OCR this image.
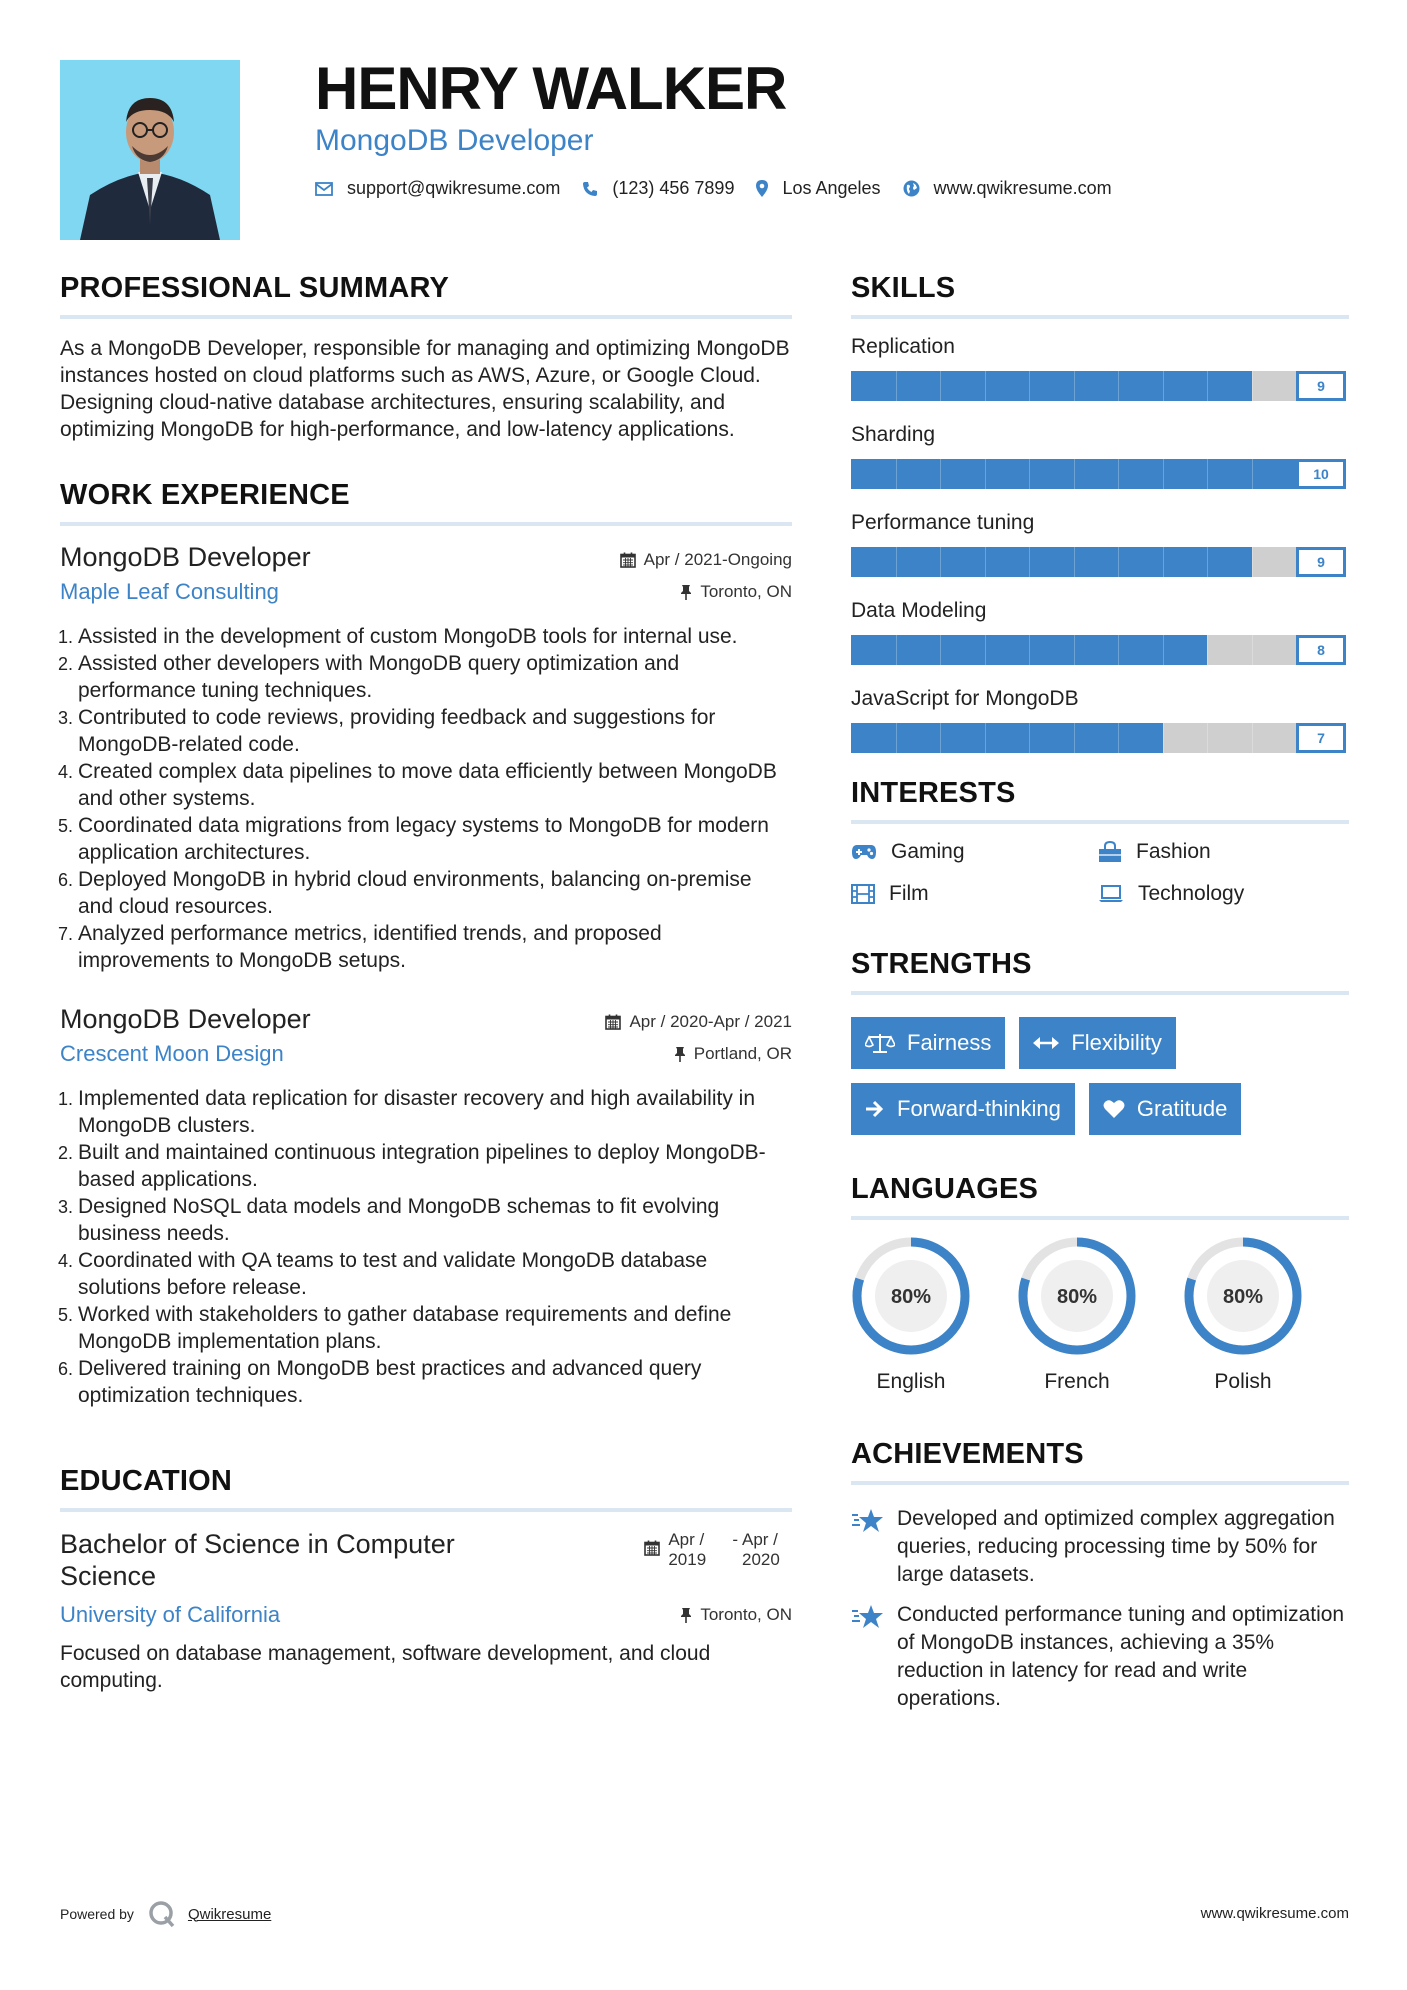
HENRY WALKER
MongoDB Developer
support@qwikresume.com	(123) 456 7899	Los Angeles	www.qwikresume.com
PROFESSIONAL SUMMARY
As a MongoDB Developer, responsible for managing and optimizing MongoDB instances hosted on cloud platforms such as AWS, Azure, or Google Cloud. Designing cloud-native database architectures, ensuring scalability, and optimizing MongoDB for high-performance, and low-latency applications.
WORK EXPERIENCE
MongoDB Developer	Apr / 2021-Ongoing
Maple Leaf Consulting	Toronto, ON
1. Assisted in the development of custom MongoDB tools for internal use.
2. Assisted other developers with MongoDB query optimization and performance tuning techniques.
3. Contributed to code reviews, providing feedback and suggestions for MongoDB-related code.
4. Created complex data pipelines to move data efficiently between MongoDB and other systems.
5. Coordinated data migrations from legacy systems to MongoDB for modern application architectures.
6. Deployed MongoDB in hybrid cloud environments, balancing on-premise and cloud resources.
7. Analyzed performance metrics, identified trends, and proposed improvements to MongoDB setups.
MongoDB Developer	Apr / 2020-Apr / 2021
Crescent Moon Design	Portland, OR
1. Implemented data replication for disaster recovery and high availability in MongoDB clusters.
2. Built and maintained continuous integration pipelines to deploy MongoDB-based applications.
3. Designed NoSQL data models and MongoDB schemas to fit evolving business needs.
4. Coordinated with QA teams to test and validate MongoDB database solutions before release.
5. Worked with stakeholders to gather database requirements and define MongoDB implementation plans.
6. Delivered training on MongoDB best practices and advanced query optimization techniques.
EDUCATION
Bachelor of Science in Computer Science
Apr / 2019
- Apr / 2020
University of California	Toronto, ON
Focused on database management, software development, and cloud computing.
SKILLS
Replication
9
Sharding
10
Performance tuning
9
Data Modeling
8
JavaScript for MongoDB
7
INTERESTS
Gaming	Fashion
Film	Technology
STRENGTHS
Fairness	Flexibility
Forward-thinking	Gratitude
LANGUAGES
80%
English
80%
French
80%
Polish
ACHIEVEMENTS
Developed and optimized complex aggregation queries, reducing processing time by 50% for large datasets.
Conducted performance tuning and optimization of MongoDB instances, achieving a 35% reduction in latency for read and write operations.
Powered by	Qwikresume	www.qwikresume.com
